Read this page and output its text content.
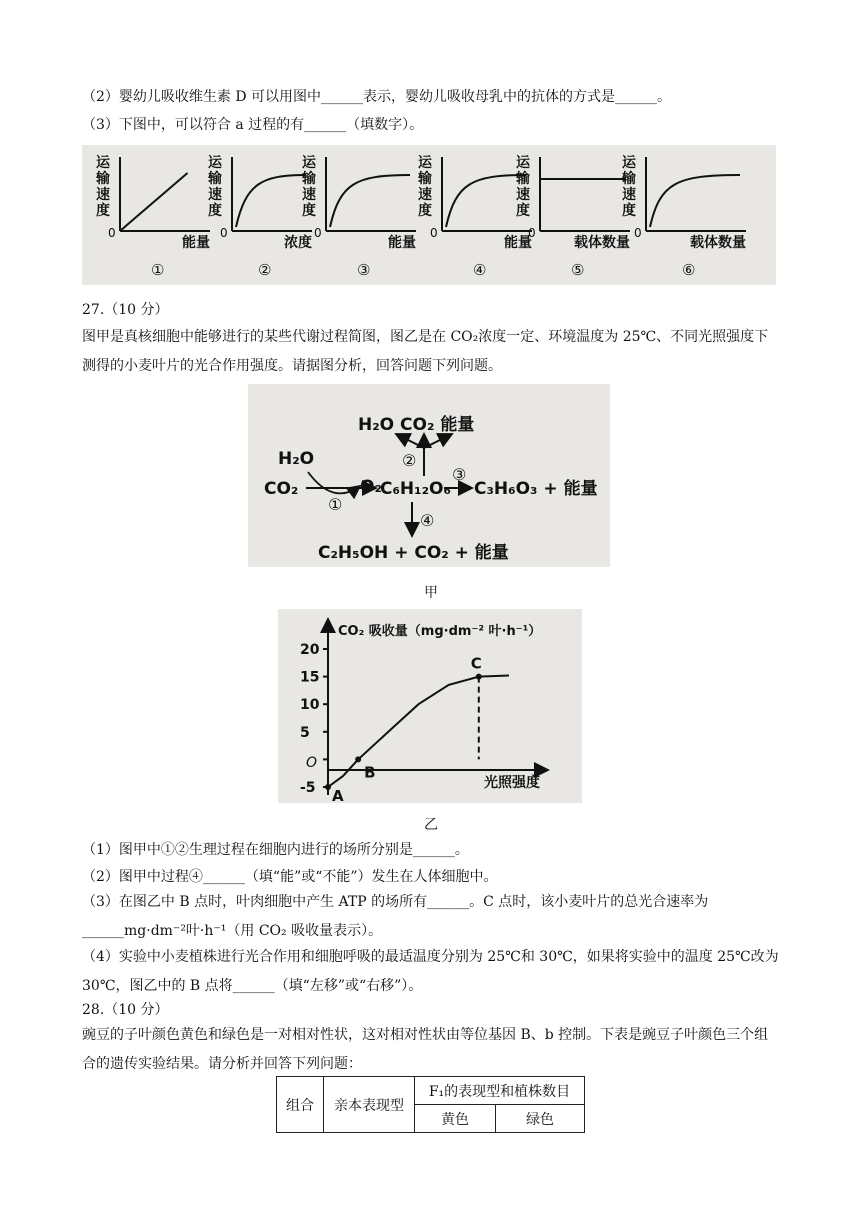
（2）婴幼儿吸收维生素 D 可以用图中______表示，婴幼儿吸收母乳中的抗体的方式是______。
（3）下图中，可以符合 a 过程的有______（填数字）。
运
输
速
度
0
能量
①
运
输
速
度
0
浓度
②
运
输
速
度
0
能量
③
运
输
速
度
0
能量
④
运
输
速
度
0
载体数量
⑤
运
输
速
度
0
载体数量
⑥
27.（10 分）
图甲是真核细胞中能够进行的某些代谢过程简图，图乙是在 CO₂浓度一定、环境温度为 25℃、不同光照强度下测得的小麦叶片的光合作用强度。请据图分析，回答问题下列问题。
H₂O CO₂ 能量
②
H₂O
O₂
CO₂
①
C₆H₁₂O₆
③
C₃H₆O₃ + 能量
④
C₂H₅OH + CO₂ + 能量
甲
CO₂ 吸收量（mg·dm⁻² 叶·h⁻¹）
光照强度
O
20
15
10
5
-5 A
B
C
乙
（1）图甲中①②生理过程在细胞内进行的场所分别是______。
（2）图甲中过程④______（填“能”或“不能”）发生在人体细胞中。
（3）在图乙中 B 点时，叶肉细胞中产生 ATP 的场所有______。C 点时，该小麦叶片的总光合速率为______mg·dm⁻²叶·h⁻¹（用 CO₂ 吸收量表示）。
（4）实验中小麦植株进行光合作用和细胞呼吸的最适温度分别为 25℃和 30℃，如果将实验中的温度 25℃改为 30℃，图乙中的 B 点将______（填“左移”或“右移”）。
28.（10 分）
豌豆的子叶颜色黄色和绿色是一对相对性状，这对相对性状由等位基因 B、b 控制。下表是豌豆子叶颜色三个组合的遗传实验结果。请分析并回答下列问题：
组合	亲本表现型	F₁的表现型和植株数目	
		黄色	绿色
